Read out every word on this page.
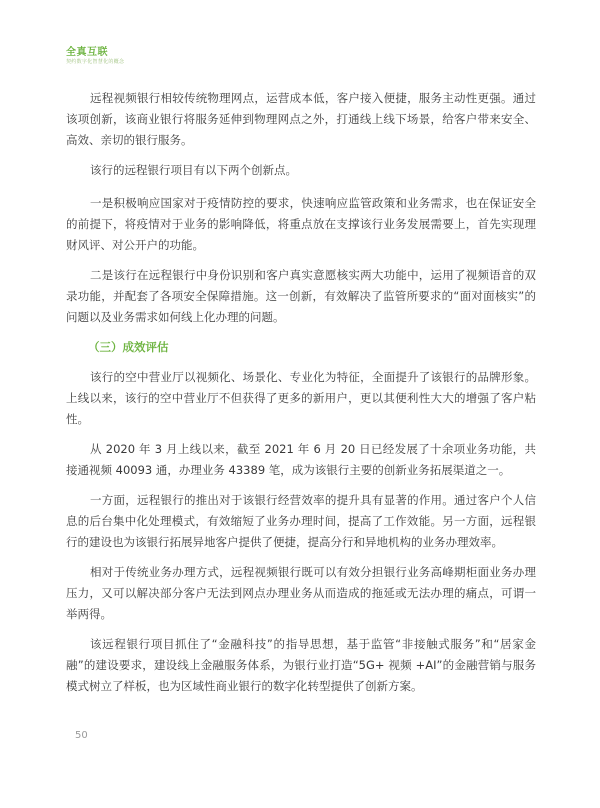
全真互联
契约数字化智慧化的概念

远程视频银行相较传统物理网点，运营成本低，客户接入便捷，服务主动性更强。通过该项创新，该商业银行将服务延伸到物理网点之外，打通线上线下场景，给客户带来安全、高效、亲切的银行服务。

该行的远程银行项目有以下两个创新点。

一是积极响应国家对于疫情防控的要求，快速响应监管政策和业务需求，也在保证安全的前提下，将疫情对于业务的影响降低，将重点放在支撑该行业务发展需要上，首先实现理财风评、对公开户的功能。

二是该行在远程银行中身份识别和客户真实意愿核实两大功能中，运用了视频语音的双录功能，并配套了各项安全保障措施。这一创新，有效解决了监管所要求的“面对面核实”的问题以及业务需求如何线上化办理的问题。

（三）成效评估

该行的空中营业厅以视频化、场景化、专业化为特征，全面提升了该银行的品牌形象。上线以来，该行的空中营业厅不但获得了更多的新用户，更以其便利性大大的增强了客户粘性。

从 2020 年 3 月上线以来，截至 2021 年 6 月 20 日已经发展了十余项业务功能，共接通视频 40093 通，办理业务 43389 笔，成为该银行主要的创新业务拓展渠道之一。

一方面，远程银行的推出对于该银行经营效率的提升具有显著的作用。通过客户个人信息的后台集中化处理模式，有效缩短了业务办理时间，提高了工作效能。另一方面，远程银行的建设也为该银行拓展异地客户提供了便捷，提高分行和异地机构的业务办理效率。

相对于传统业务办理方式，远程视频银行既可以有效分担银行业务高峰期柜面业务办理压力，又可以解决部分客户无法到网点办理业务从而造成的拖延或无法办理的痛点，可谓一举两得。

该远程银行项目抓住了“金融科技”的指导思想，基于监管“非接触式服务”和“居家金融”的建设要求，建设线上金融服务体系，为银行业打造“5G+ 视频 +AI”的金融营销与服务模式树立了样板，也为区域性商业银行的数字化转型提供了创新方案。

50
